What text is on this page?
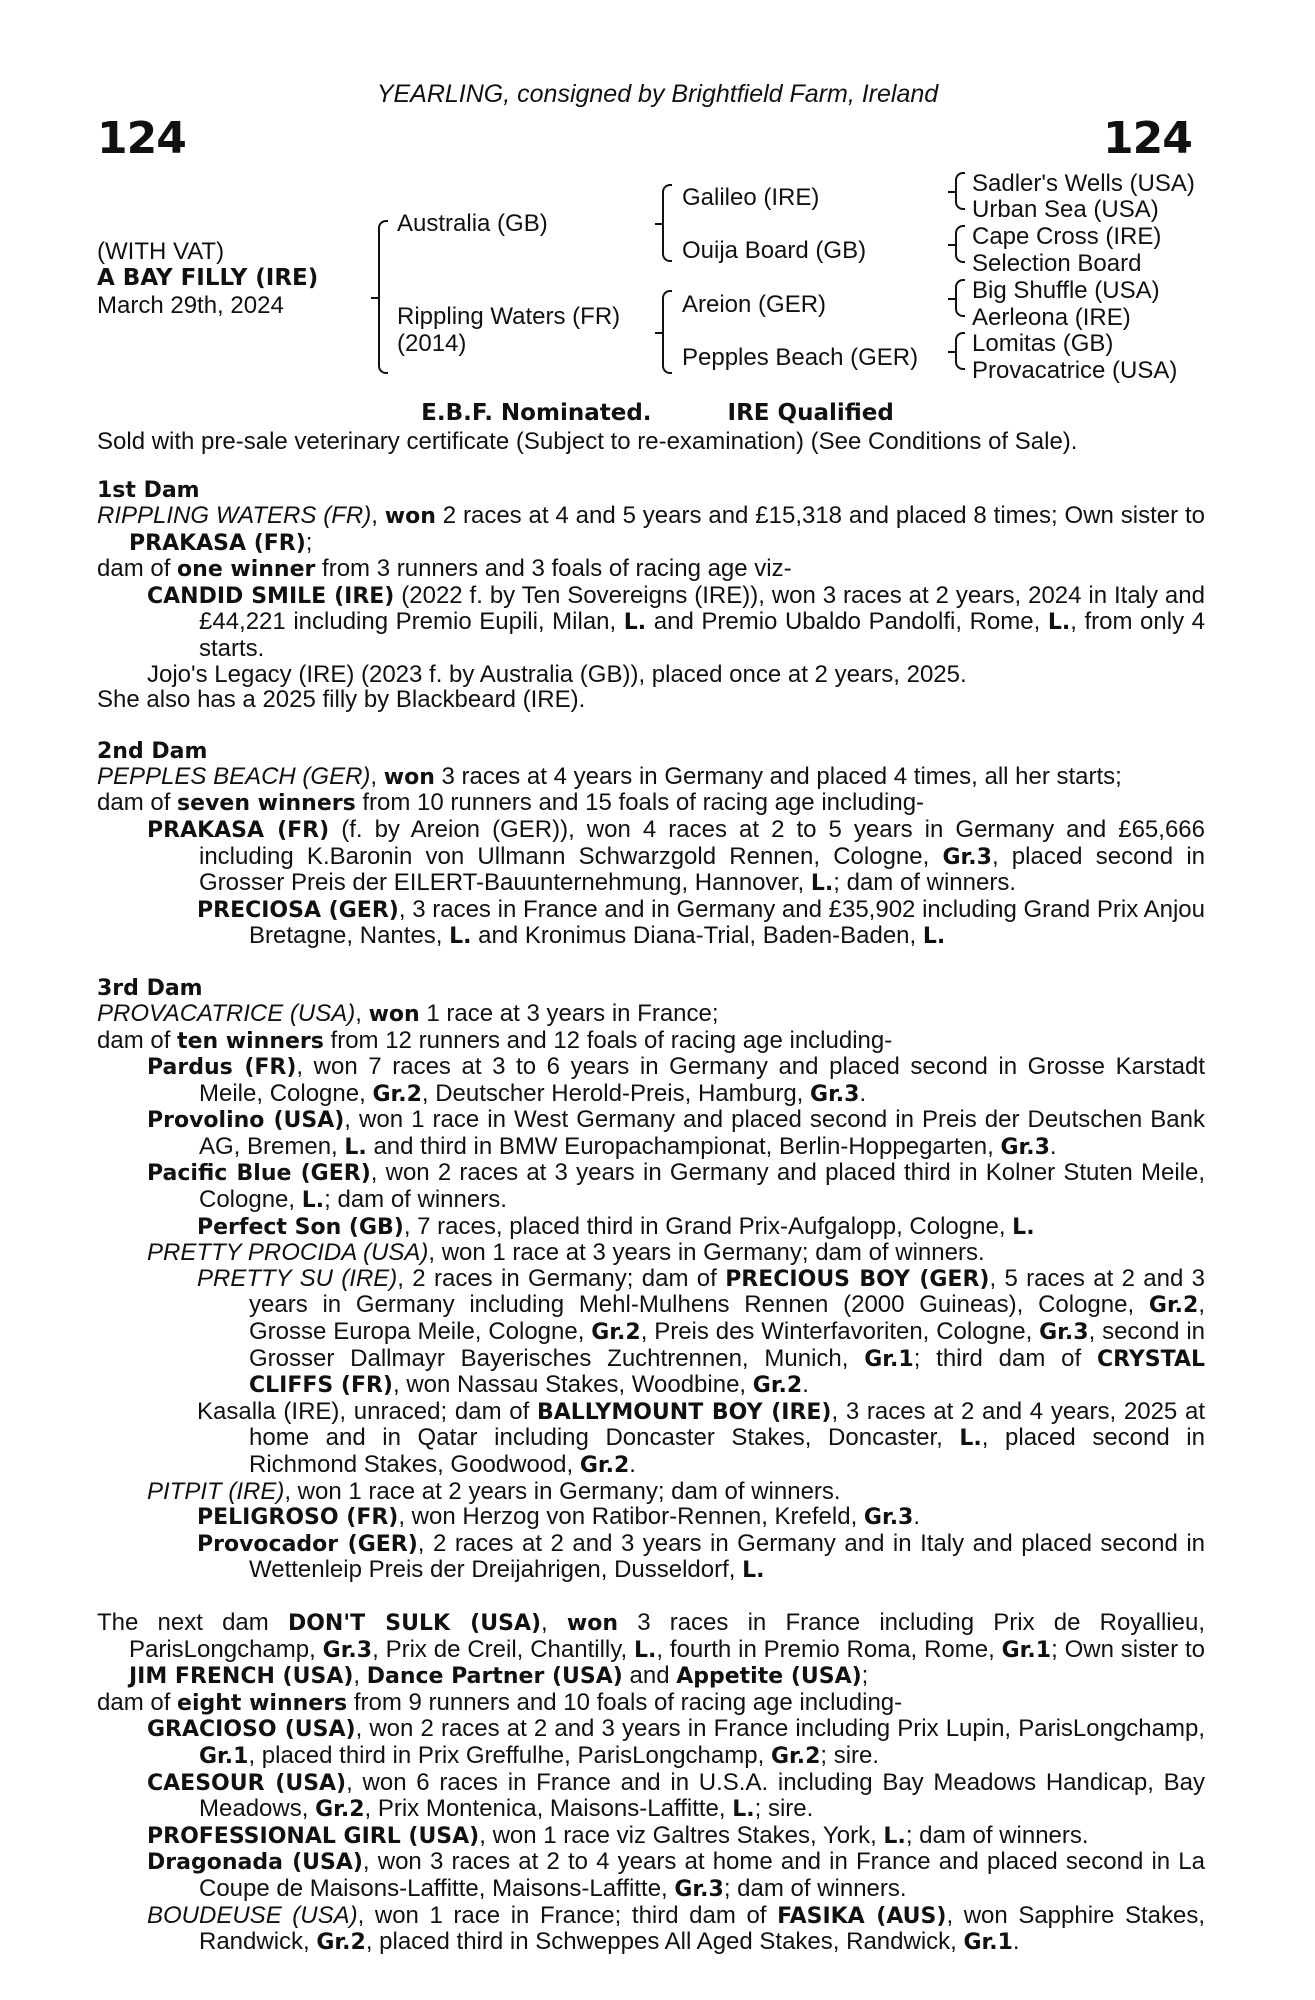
YEARLING, consigned by Brightfield Farm, Ireland
124	124
(WITH VAT)
A BAY FILLY (IRE)
March 29th, 2024
Australia (GB)
Rippling Waters (FR)
(2014)
Galileo (IRE)
Ouija Board (GB)
Areion (GER)
Pepples Beach (GER)
Sadler's Wells (USA)
Urban Sea (USA)
Cape Cross (IRE)
Selection Board
Big Shuffle (USA)
Aerleona (IRE)
Lomitas (GB)
Provacatrice (USA)
E.B.F. Nominated.	IRE Qualified
Sold with pre-sale veterinary certificate (Subject to re-examination) (See Conditions of Sale).
1st Dam
RIPPLING WATERS (FR), won 2 races at 4 and 5 years and £15,318 and placed 8 times; Own sister to PRAKASA (FR);
dam of one winner from 3 runners and 3 foals of racing age viz-
CANDID SMILE (IRE) (2022 f. by Ten Sovereigns (IRE)), won 3 races at 2 years, 2024 in Italy and £44,221 including Premio Eupili, Milan, L. and Premio Ubaldo Pandolfi, Rome, L., from only 4 starts.
Jojo's Legacy (IRE) (2023 f. by Australia (GB)), placed once at 2 years, 2025.
She also has a 2025 filly by Blackbeard (IRE).
2nd Dam
PEPPLES BEACH (GER), won 3 races at 4 years in Germany and placed 4 times, all her starts;
dam of seven winners from 10 runners and 15 foals of racing age including-
PRAKASA (FR) (f. by Areion (GER)), won 4 races at 2 to 5 years in Germany and £65,666 including K.Baronin von Ullmann Schwarzgold Rennen, Cologne, Gr.3, placed second in Grosser Preis der EILERT-Bauunternehmung, Hannover, L.; dam of winners.
PRECIOSA (GER), 3 races in France and in Germany and £35,902 including Grand Prix Anjou Bretagne, Nantes, L. and Kronimus Diana-Trial, Baden-Baden, L.
3rd Dam
PROVACATRICE (USA), won 1 race at 3 years in France;
dam of ten winners from 12 runners and 12 foals of racing age including-
Pardus (FR), won 7 races at 3 to 6 years in Germany and placed second in Grosse Karstadt Meile, Cologne, Gr.2, Deutscher Herold-Preis, Hamburg, Gr.3.
Provolino (USA), won 1 race in West Germany and placed second in Preis der Deutschen Bank AG, Bremen, L. and third in BMW Europachampionat, Berlin-Hoppegarten, Gr.3.
Pacific Blue (GER), won 2 races at 3 years in Germany and placed third in Kolner Stuten Meile, Cologne, L.; dam of winners.
Perfect Son (GB), 7 races, placed third in Grand Prix-Aufgalopp, Cologne, L.
PRETTY PROCIDA (USA), won 1 race at 3 years in Germany; dam of winners.
PRETTY SU (IRE), 2 races in Germany; dam of PRECIOUS BOY (GER), 5 races at 2 and 3 years in Germany including Mehl-Mulhens Rennen (2000 Guineas), Cologne, Gr.2, Grosse Europa Meile, Cologne, Gr.2, Preis des Winterfavoriten, Cologne, Gr.3, second in Grosser Dallmayr Bayerisches Zuchtrennen, Munich, Gr.1; third dam of CRYSTAL CLIFFS (FR), won Nassau Stakes, Woodbine, Gr.2.
Kasalla (IRE), unraced; dam of BALLYMOUNT BOY (IRE), 3 races at 2 and 4 years, 2025 at home and in Qatar including Doncaster Stakes, Doncaster, L., placed second in Richmond Stakes, Goodwood, Gr.2.
PITPIT (IRE), won 1 race at 2 years in Germany; dam of winners.
PELIGROSO (FR), won Herzog von Ratibor-Rennen, Krefeld, Gr.3.
Provocador (GER), 2 races at 2 and 3 years in Germany and in Italy and placed second in Wettenleip Preis der Dreijahrigen, Dusseldorf, L.
The next dam DON'T SULK (USA), won 3 races in France including Prix de Royallieu, ParisLongchamp, Gr.3, Prix de Creil, Chantilly, L., fourth in Premio Roma, Rome, Gr.1; Own sister to JIM FRENCH (USA), Dance Partner (USA) and Appetite (USA);
dam of eight winners from 9 runners and 10 foals of racing age including-
GRACIOSO (USA), won 2 races at 2 and 3 years in France including Prix Lupin, ParisLongchamp, Gr.1, placed third in Prix Greffulhe, ParisLongchamp, Gr.2; sire.
CAESOUR (USA), won 6 races in France and in U.S.A. including Bay Meadows Handicap, Bay Meadows, Gr.2, Prix Montenica, Maisons-Laffitte, L.; sire.
PROFESSIONAL GIRL (USA), won 1 race viz Galtres Stakes, York, L.; dam of winners.
Dragonada (USA), won 3 races at 2 to 4 years at home and in France and placed second in La Coupe de Maisons-Laffitte, Maisons-Laffitte, Gr.3; dam of winners.
BOUDEUSE (USA), won 1 race in France; third dam of FASIKA (AUS), won Sapphire Stakes, Randwick, Gr.2, placed third in Schweppes All Aged Stakes, Randwick, Gr.1.
